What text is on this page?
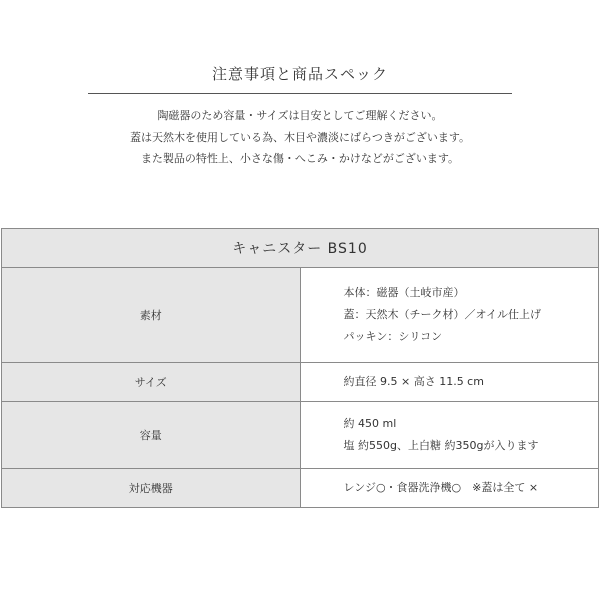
注意事項と商品スペック
陶磁器のため容量・サイズは目安としてご理解ください。
蓋は天然木を使用している為、木目や濃淡にばらつきがございます。
また製品の特性上、小さな傷・へこみ・かけなどがございます。
キャニスター BS10	
素材	本体：磁器（土岐市産）
蓋：天然木（チーク材）／オイル仕上げ
パッキン：シリコン

サイズ	約直径 9.5 × 高さ 11.5 cm

容量	約 450 ml
塩 約550g、上白糖 約350gが入ります

対応機器	レンジ○・食器洗浄機○　※蓋は全て ×
